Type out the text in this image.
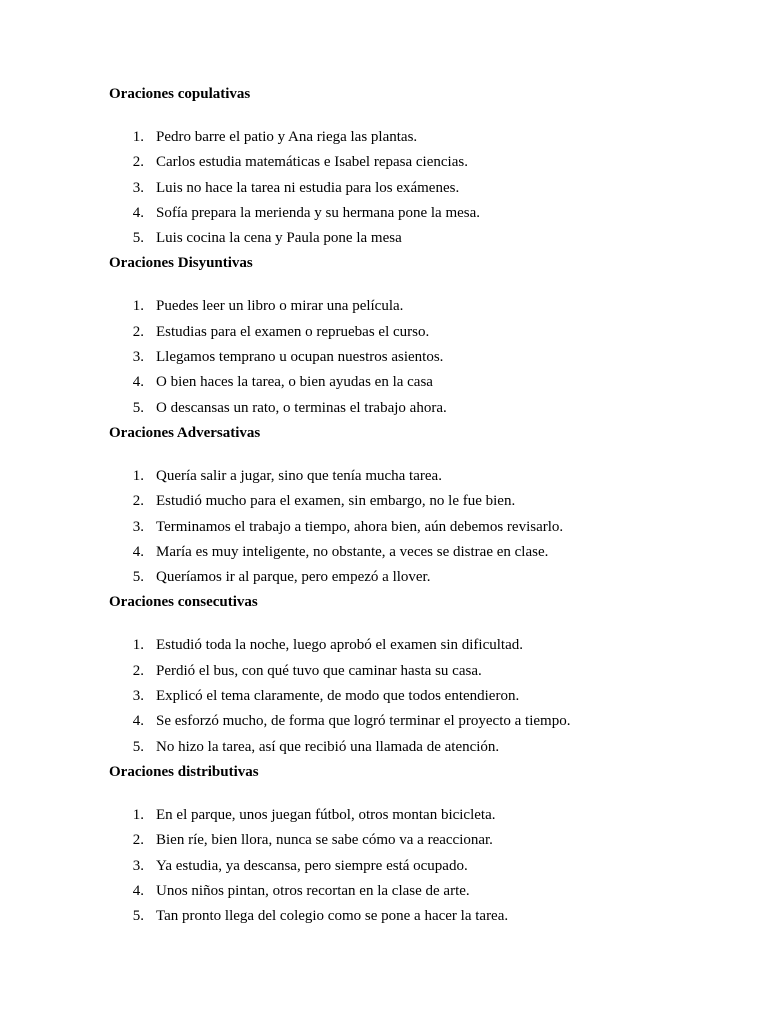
Oraciones copulativas
1. Pedro barre el patio y Ana riega las plantas.
2. Carlos estudia matemáticas e Isabel repasa ciencias.
3. Luis no hace la tarea ni estudia para los exámenes.
4. Sofía prepara la merienda y su hermana pone la mesa.
5. Luis cocina la cena y Paula pone la mesa
Oraciones Disyuntivas
1. Puedes leer un libro o mirar una película.
2. Estudias para el examen o repruebas el curso.
3. Llegamos temprano u ocupan nuestros asientos.
4. O bien haces la tarea, o bien ayudas en la casa
5. O descansas un rato, o terminas el trabajo ahora.
Oraciones Adversativas
1. Quería salir a jugar, sino que tenía mucha tarea.
2. Estudió mucho para el examen, sin embargo, no le fue bien.
3. Terminamos el trabajo a tiempo, ahora bien, aún debemos revisarlo.
4. María es muy inteligente, no obstante, a veces se distrae en clase.
5. Queríamos ir al parque, pero empezó a llover.
Oraciones consecutivas
1. Estudió toda la noche, luego aprobó el examen sin dificultad.
2. Perdió el bus, con qué tuvo que caminar hasta su casa.
3. Explicó el tema claramente, de modo que todos entendieron.
4. Se esforzó mucho, de forma que logró terminar el proyecto a tiempo.
5. No hizo la tarea, así que recibió una llamada de atención.
Oraciones distributivas
1. En el parque, unos juegan fútbol, otros montan bicicleta.
2. Bien ríe, bien llora, nunca se sabe cómo va a reaccionar.
3. Ya estudia, ya descansa, pero siempre está ocupado.
4. Unos niños pintan, otros recortan en la clase de arte.
5. Tan pronto llega del colegio como se pone a hacer la tarea.
